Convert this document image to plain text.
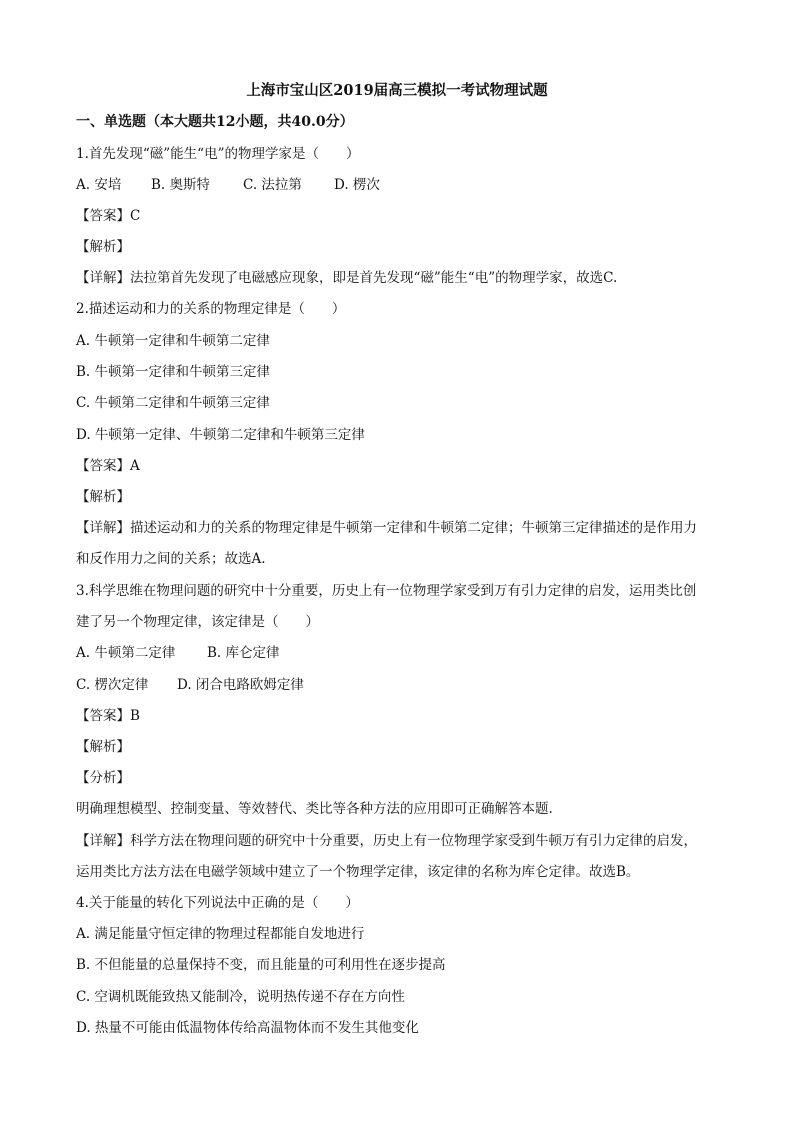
上海市宝山区2019届高三模拟一考试物理试题
一、单选题（本大题共12小题，共40.0分）
1.首先发现“磁”能生“电”的物理学家是（　　）
A. 安培 B. 奥斯特 C. 法拉第 D. 楞次
【答案】C
【解析】
【详解】法拉第首先发现了电磁感应现象，即是首先发现“磁”能生“电”的物理学家，故选C.
2.描述运动和力的关系的物理定律是（　　）
A. 牛顿第一定律和牛顿第二定律
B. 牛顿第一定律和牛顿第三定律
C. 牛顿第二定律和牛顿第三定律
D. 牛顿第一定律、牛顿第二定律和牛顿第三定律
【答案】A
【解析】
【详解】描述运动和力的关系的物理定律是牛顿第一定律和牛顿第二定律；牛顿第三定律描述的是作用力
和反作用力之间的关系；故选A.
3.科学思维在物理问题的研究中十分重要，历史上有一位物理学家受到万有引力定律的启发，运用类比创
建了另一个物理定律，该定律是（　　）
A. 牛顿第二定律 B. 库仑定律
C. 楞次定律 D. 闭合电路欧姆定律
【答案】B
【解析】
【分析】
明确理想模型、控制变量、等效替代、类比等各种方法的应用即可正确解答本题.
【详解】科学方法在物理问题的研究中十分重要，历史上有一位物理学家受到牛顿万有引力定律的启发，
运用类比方法方法在电磁学领域中建立了一个物理学定律，该定律的名称为库仑定律。故选B。
4.关于能量的转化下列说法中正确的是（　　）
A. 满足能量守恒定律的物理过程都能自发地进行
B. 不但能量的总量保持不变，而且能量的可利用性在逐步提高
C. 空调机既能致热又能制冷，说明热传递不存在方向性
D. 热量不可能由低温物体传给高温物体而不发生其他变化
